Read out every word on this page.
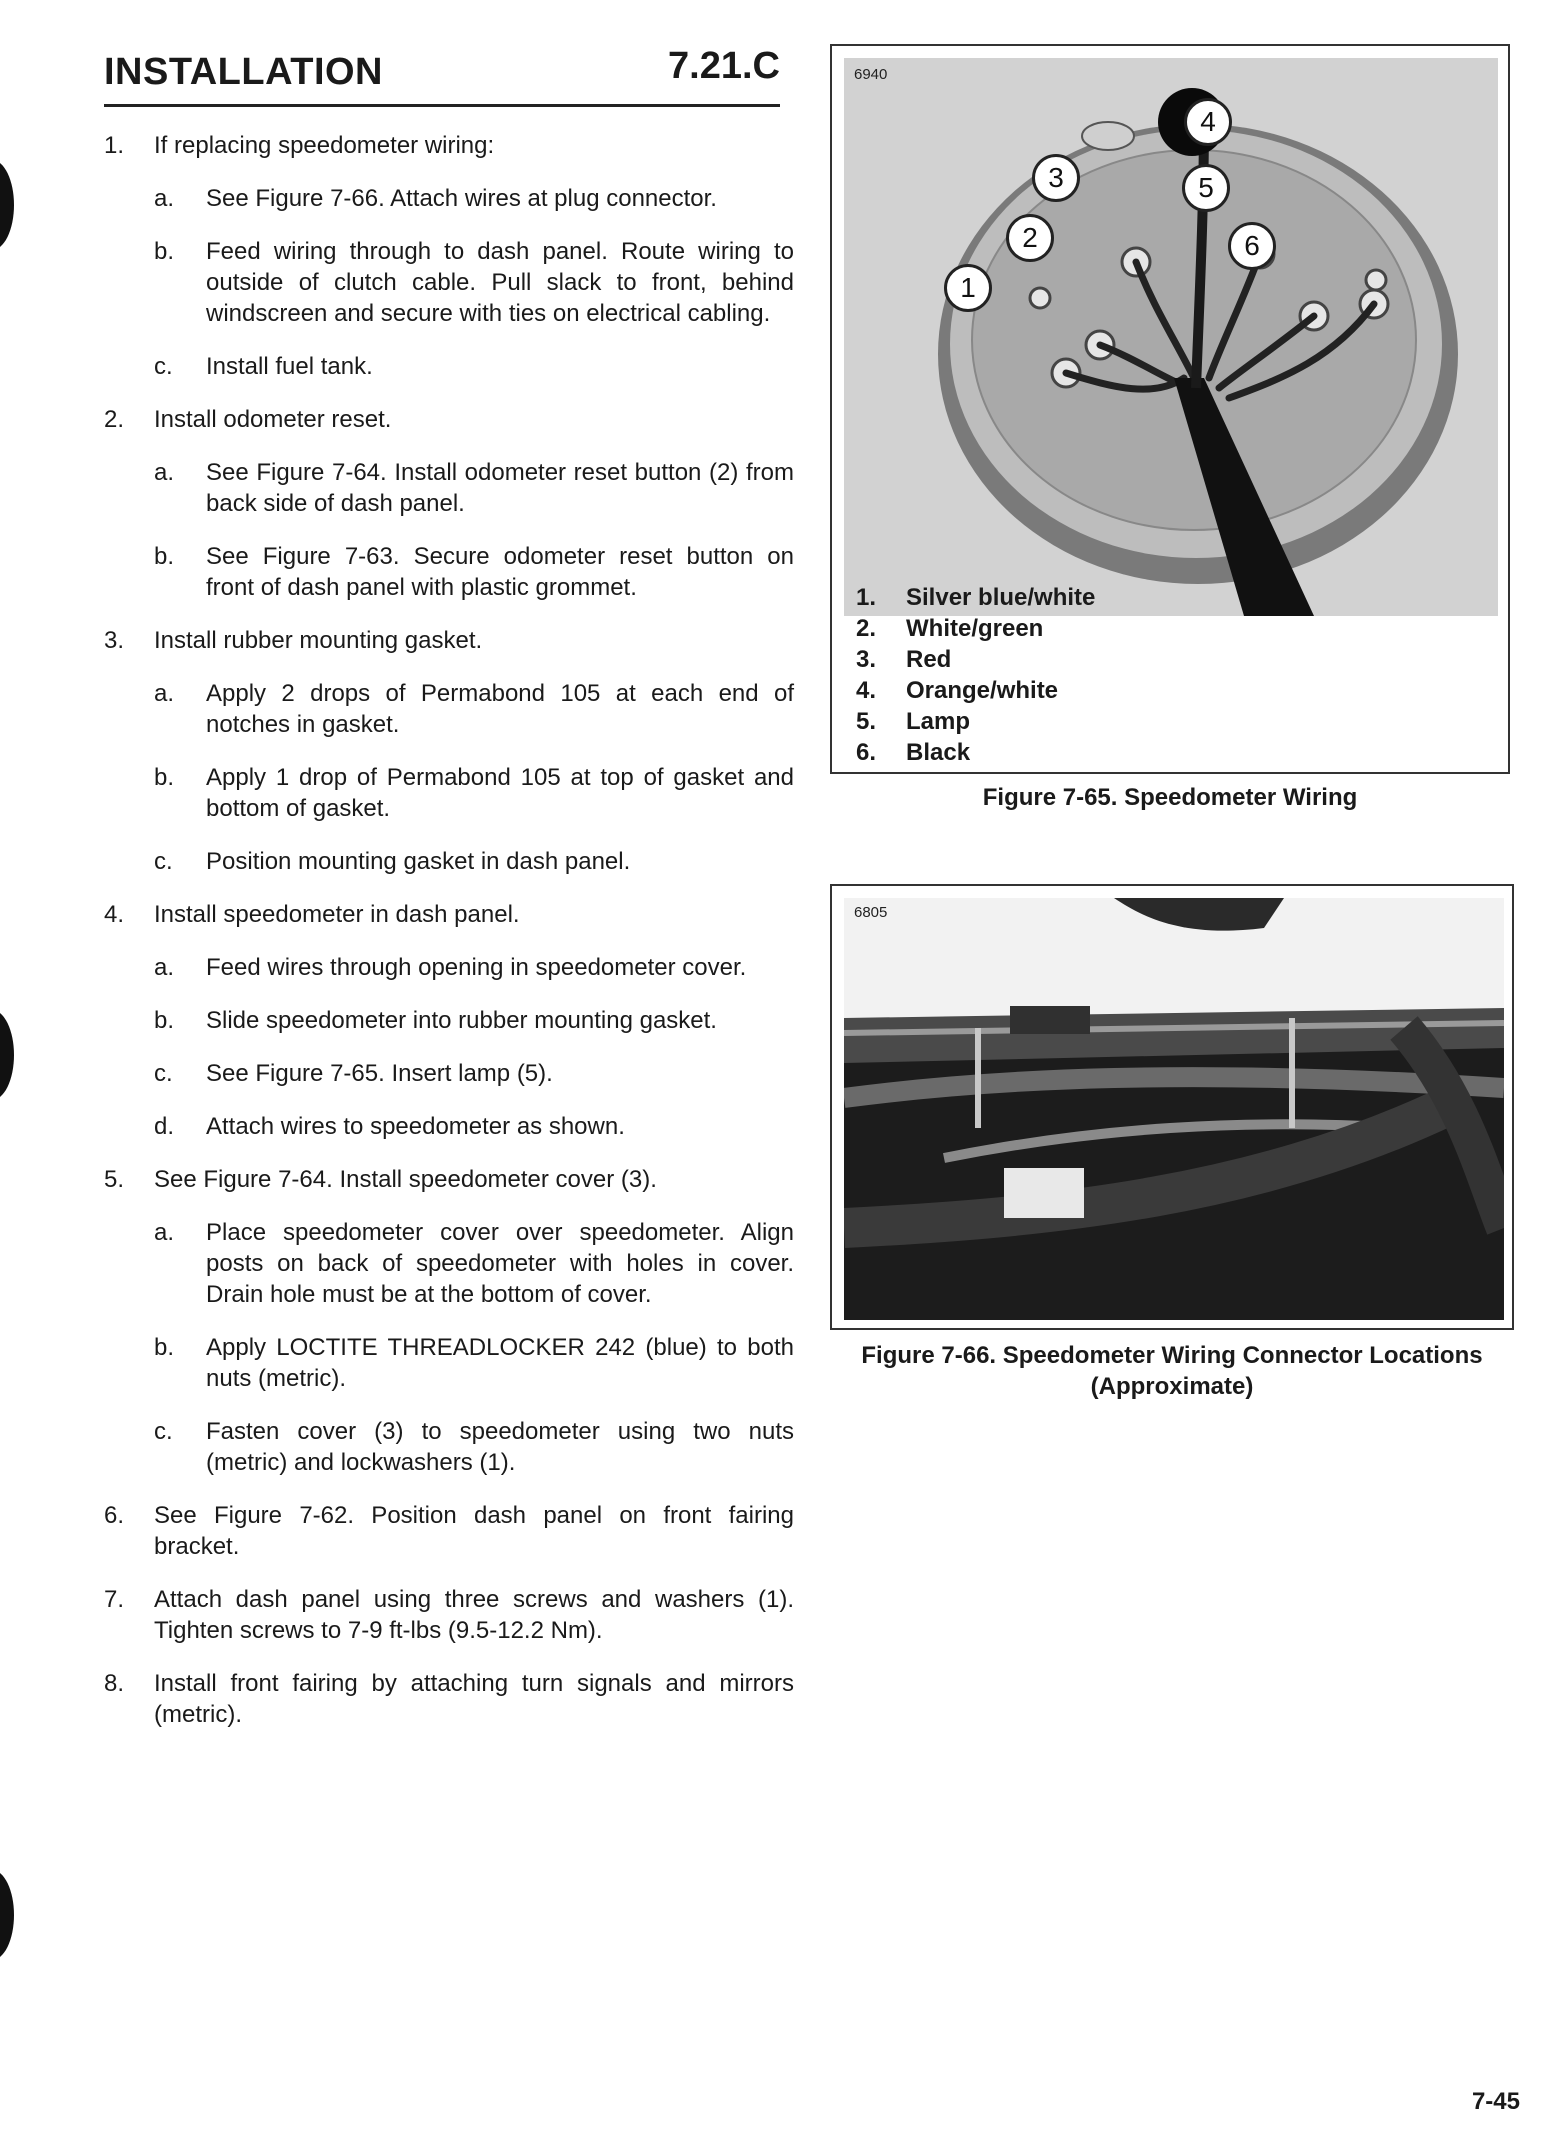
INSTALLATION	7.21.C
1. If replacing speedometer wiring:
a. See Figure 7-66. Attach wires at plug connector.
b. Feed wiring through to dash panel. Route wiring to outside of clutch cable. Pull slack to front, behind windscreen and secure with ties on electrical cabling.
c. Install fuel tank.
2. Install odometer reset.
a. See Figure 7-64. Install odometer reset button (2) from back side of dash panel.
b. See Figure 7-63. Secure odometer reset button on front of dash panel with plastic grommet.
3. Install rubber mounting gasket.
a. Apply 2 drops of Permabond 105 at each end of notches in gasket.
b. Apply 1 drop of Permabond 105 at top of gasket and bottom of gasket.
c. Position mounting gasket in dash panel.
4. Install speedometer in dash panel.
a. Feed wires through opening in speedometer cover.
b. Slide speedometer into rubber mounting gasket.
c. See Figure 7-65. Insert lamp (5).
d. Attach wires to speedometer as shown.
5. See Figure 7-64. Install speedometer cover (3).
a. Place speedometer cover over speedometer. Align posts on back of speedometer with holes in cover. Drain hole must be at the bottom of cover.
b. Apply LOCTITE THREADLOCKER 242 (blue) to both nuts (metric).
c. Fasten cover (3) to speedometer using two nuts (metric) and lockwashers (1).
6. See Figure 7-62. Position dash panel on front fairing bracket.
7. Attach dash panel using three screws and washers (1). Tighten screws to 7-9 ft-lbs (9.5-12.2 Nm).
8. Install front fairing by attaching turn signals and mirrors (metric).
1
2
3
4
5
6
6940
1. Silver blue/white
2. White/green
3. Red
4. Orange/white
5. Lamp
6. Black
Figure 7-65. Speedometer Wiring
6805
Figure 7-66. Speedometer Wiring Connector Locations
(Approximate)
7-45
